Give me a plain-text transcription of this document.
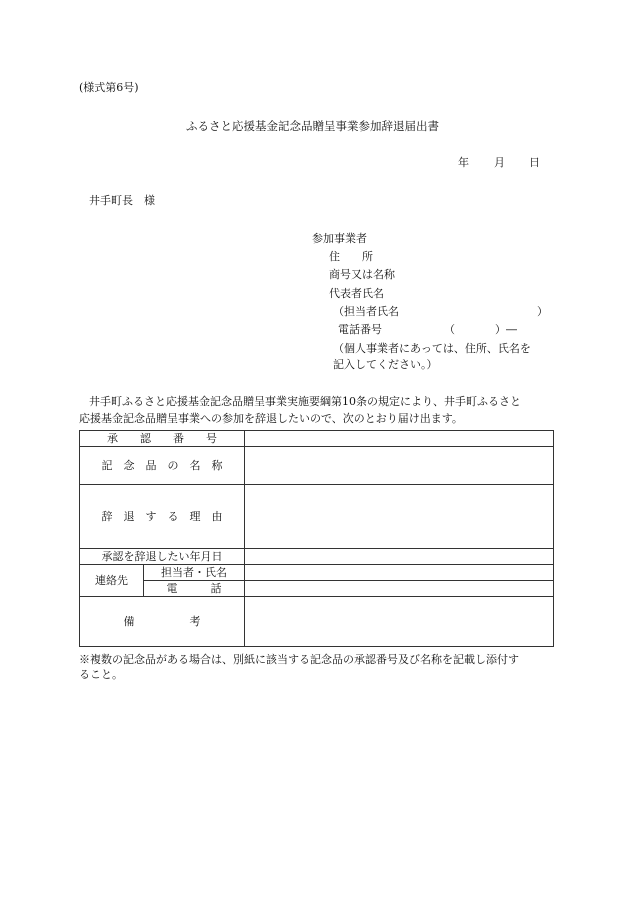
(様式第6号)
ふるさと応援基金記念品贈呈事業参加辞退届出書
年 月 日
井手町長　様
参加事業者
住　　所
商号又は名称
代表者氏名
（担当者氏名	）
電話番号	（	）―
（個人事業者にあっては、住所、氏名を
記入してください。）
井手町ふるさと応援基金記念品贈呈事業実施要綱第10条の規定により、井手町ふるさと
応援基金記念品贈呈事業への参加を辞退したいので、次のとおり届け出ます。
承　　認　　番　　号		
記　念　品　の　名　称		
辞　退　す　る　理　由		
承認を辞退したい年月日		
連絡先	担当者・氏名	
	電　　　話	
備　　　　　考		
※複数の記念品がある場合は、別紙に該当する記念品の承認番号及び名称を記載し添付す
ること。
